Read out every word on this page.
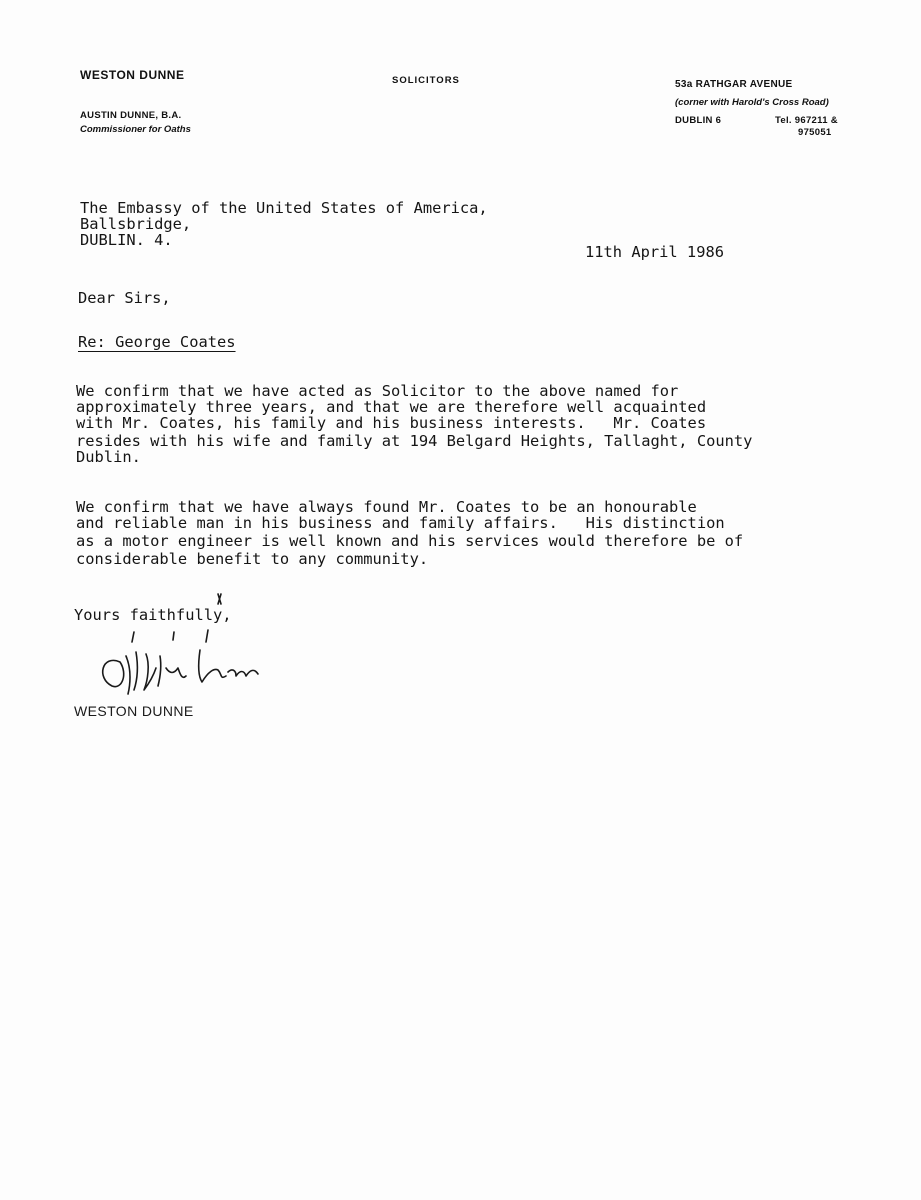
WESTON DUNNE
AUSTIN DUNNE, B.A.
Commissioner for Oaths
SOLICITORS	53a RATHGAR AVENUE
(corner with Harold's Cross Road)
DUBLIN 6	Tel. 967211 &
975051
The Embassy of the United States of America,
Ballsbridge,
DUBLIN. 4.
11th April 1986
Dear Sirs,
Re: George Coates
We confirm that we have acted as Solicitor to the above named for
approximately three years, and that we are therefore well acquainted
with Mr. Coates, his family and his business interests.   Mr. Coates
resides with his wife and family at 194 Belgard Heights, Tallaght, County
Dublin.
We confirm that we have always found Mr. Coates to be an honourable
and reliable man in his business and family affairs.   His distinction
as a motor engineer is well known and his services would therefore be of
considerable benefit to any community.
Yours faithfully,
WESTON DUNNE
